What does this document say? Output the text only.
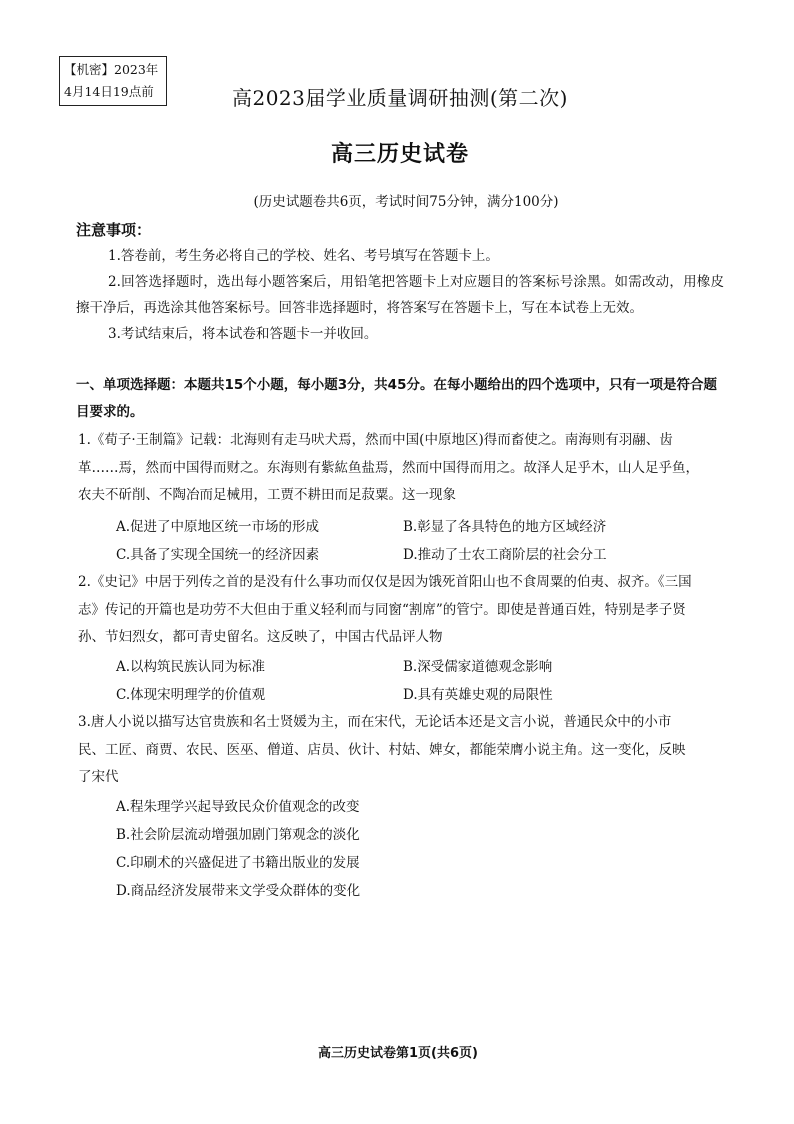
【机密】2023年
4月14日19点前	高2023届学业质量调研抽测(第二次)
高三历史试卷
(历史试题卷共6页，考试时间75分钟，满分100分)
注意事项：
1.答卷前，考生务必将自己的学校、姓名、考号填写在答题卡上。
2.回答选择题时，选出每小题答案后，用铅笔把答题卡上对应题目的答案标号涂黑。如需改动，用橡皮擦干净后，再选涂其他答案标号。回答非选择题时，将答案写在答题卡上，写在本试卷上无效。
3.考试结束后，将本试卷和答题卡一并收回。
一、单项选择题：本题共15个小题，每小题3分，共45分。在每小题给出的四个选项中，只有一项是符合题目要求的。
1.《荀子·王制篇》记载：北海则有走马吠犬焉，然而中国(中原地区)得而畜使之。南海则有羽翮、齿
革……焉，然而中国得而财之。东海则有紫紘鱼盐焉，然而中国得而用之。故泽人足乎木，山人足乎鱼，
农夫不斫削、不陶冶而足械用，工贾不耕田而足菽粟。这一现象
A.促进了中原地区统一市场的形成	B.彰显了各具特色的地方区域经济
C.具备了实现全国统一的经济因素	D.推动了士农工商阶层的社会分工
2.《史记》中居于列传之首的是没有什么事功而仅仅是因为饿死首阳山也不食周粟的伯夷、叔齐。《三国
志》传记的开篇也是功劳不大但由于重义轻利而与同窗“割席”的管宁。即使是普通百姓，特别是孝子贤
孙、节妇烈女，都可青史留名。这反映了，中国古代品评人物
A.以构筑民族认同为标准	B.深受儒家道德观念影响
C.体现宋明理学的价值观	D.具有英雄史观的局限性
3.唐人小说以描写达官贵族和名士贤媛为主，而在宋代，无论话本还是文言小说，普通民众中的小市
民、工匠、商贾、农民、医巫、僧道、店员、伙计、村姑、婢女，都能荣膺小说主角。这一变化，反映
了宋代
A.程朱理学兴起导致民众价值观念的改变
B.社会阶层流动增强加剧门第观念的淡化
C.印刷术的兴盛促进了书籍出版业的发展
D.商品经济发展带来文学受众群体的变化
高三历史试卷第1页(共6页)
